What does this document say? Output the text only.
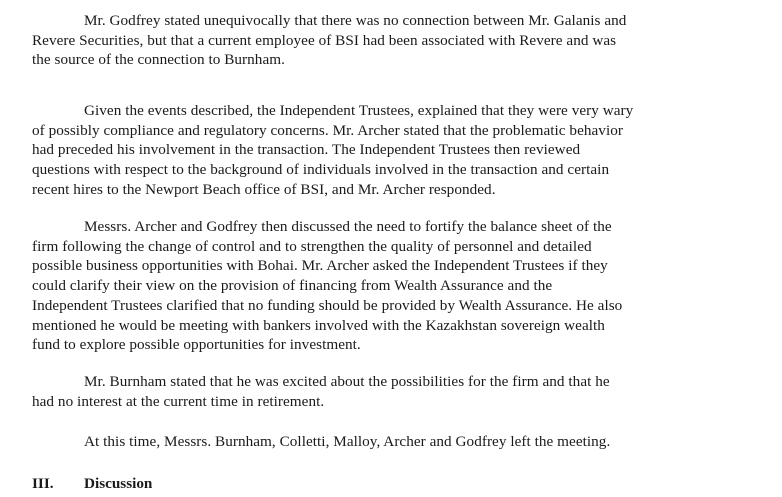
Mr. Godfrey stated unequivocally that there was no connection between Mr. Galanis and
Revere Securities, but that a current employee of BSI had been associated with Revere and was
the source of the connection to Burnham.

Given the events described, the Independent Trustees, explained that they were very wary
of possibly compliance and regulatory concerns. Mr. Archer stated that the problematic behavior
had preceded his involvement in the transaction. The Independent Trustees then reviewed
questions with respect to the background of individuals involved in the transaction and certain
recent hires to the Newport Beach office of BSI, and Mr. Archer responded.

Messrs. Archer and Godfrey then discussed the need to fortify the balance sheet of the
firm following the change of control and to strengthen the quality of personnel and detailed
possible business opportunities with Bohai. Mr. Archer asked the Independent Trustees if they
could clarify their view on the provision of financing from Wealth Assurance and the
Independent Trustees clarified that no funding should be provided by Wealth Assurance. He also
mentioned he would be meeting with bankers involved with the Kazakhstan sovereign wealth
fund to explore possible opportunities for investment.

Mr. Burnham stated that he was excited about the possibilities for the firm and that he
had no interest at the current time in retirement.

At this time, Messrs. Burnham, Colletti, Malloy, Archer and Godfrey left the meeting.

III. Discussion
